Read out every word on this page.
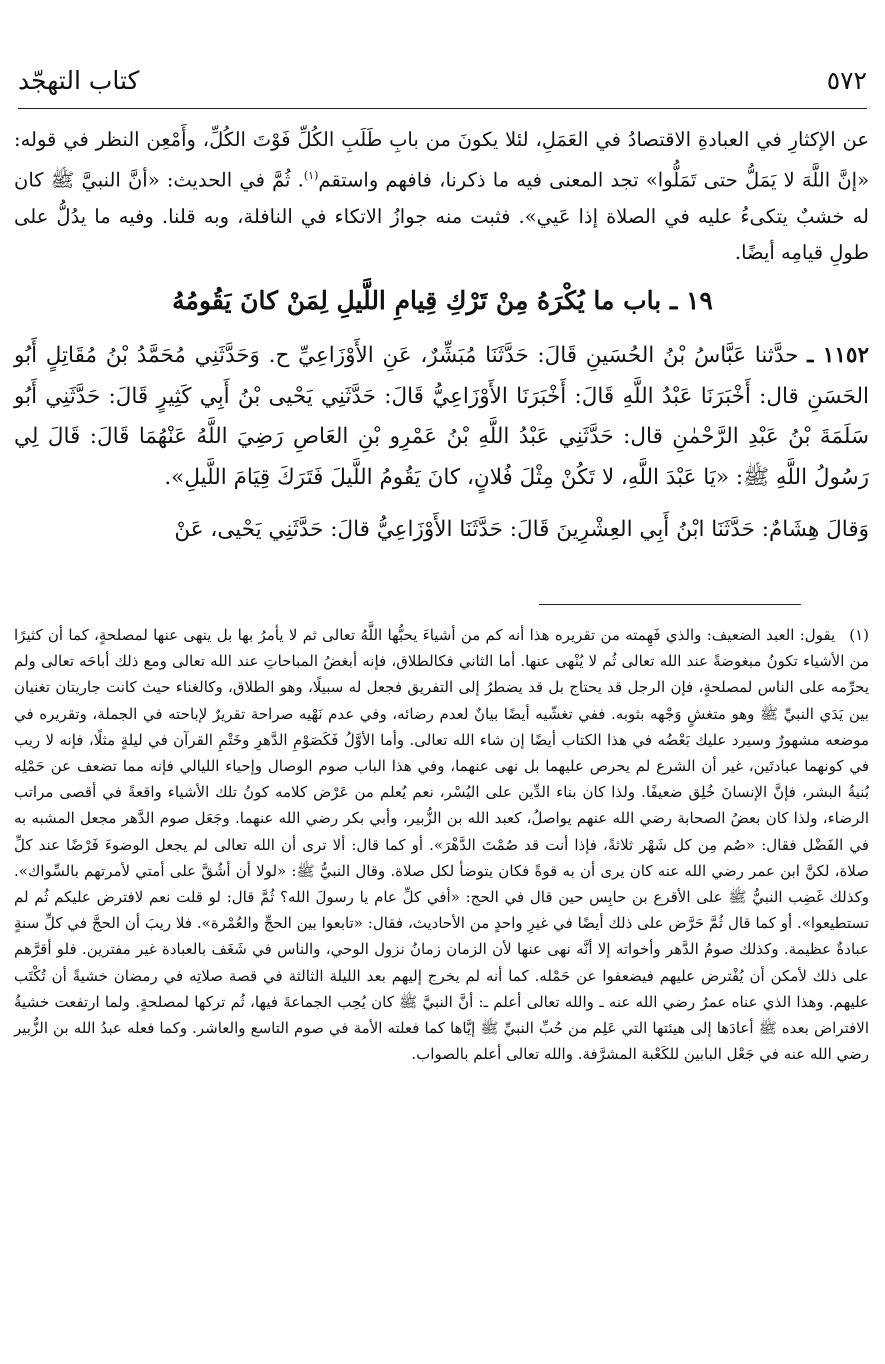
٥٧٢
كتاب التهجّد

عن الإكثارِ في العبادةِ الاقتصادُ في العَمَلِ، لئلا يكونَ من بابِ طَلَبِ الكُلِّ فَوْتَ الكُلِّ، وأَمْعِن النظر في قوله: «إنَّ اللَّهَ لا يَمَلُّ حتى تَمَلُّوا» تجد المعنى فيه ما ذكرنا، فافهم واستقم$^{(١)}$. ثُمَّ في الحديث: «أنَّ النبيَّ ﷺ كان له خشبٌ يتكىءُ عليه في الصلاة إذا عَيي». فثبت منه جوازُ الاتكاء في النافلة، وبه قلنا. وفيه ما يدُلُّ على طولِ قيامِه أيضًا.

١٩ ـ باب ما يُكْرَهُ مِنْ تَرْكِ قِيامِ اللَّيلِ لِمَنْ كانَ يَقُومُهُ

١١٥٢ ـ حدَّثنا عَبَّاسُ بْنُ الحُسَينِ قَالَ: حَدَّثَنَا مُبَشِّرٌ، عَنِ الأَوْزَاعِيِّ ح. وَحَدَّثَنِي مُحَمَّدُ بْنُ مُقَاتِلٍ أَبُو الحَسَنِ قال: أَخْبَرَنَا عَبْدُ اللَّهِ قَالَ: أَخْبَرَنَا الأَوْزَاعِيُّ قَالَ: حَدَّثَنِي يَحْيى بْنُ أَبِي كَثِيرٍ قَالَ: حَدَّثَنِي أَبُو سَلَمَةَ بْنُ عَبْدِ الرَّحْمٰنِ قال: حَدَّثَنِي عَبْدُ اللَّهِ بْنُ عَمْرِو بْنِ العَاصِ رَضِيَ اللَّهُ عَنْهُمَا قَالَ: قَالَ لِي رَسُولُ اللَّهِ ﷺ: «يَا عَبْدَ اللَّهِ، لا تَكُنْ مِثْلَ فُلانٍ، كانَ يَقُومُ اللَّيلَ فَتَرَكَ قِيَامَ اللَّيلِ».

وَقالَ هِشَامٌ: حَدَّثَنَا ابْنُ أَبِي العِشْرِينَ قَالَ: حَدَّثَنَا الأَوْزَاعِيُّ قالَ: حَدَّثَنِي يَحْيى، عَنْ

(١)يقول: العبد الضعيف: والذي فَهِمته من تقريره هذا أنه كم من أشياءَ يحبُّها اللَّهُ تعالى ثم لا يأمرُ بها بل ينهى عنها لمصلحةٍ، كما أن كثيرًا من الأشياء تكونُ مبغوضةً عند الله تعالى ثُم لا يُنْهى عنها. أما الثاني فكالطلاق، فإنه أبغضُ المباحاتِ عند الله تعالى ومع ذلك أباحَه تعالى ولم يحرِّمه على الناس لمصلحةٍ، فإن الرجل قد يحتاج بل قد يضطرُ إلى التفريق فجعل له سبيلًا، وهو الطلاق، وكالغناء حيث كانت جاريتان تغنيان بين يَدَي النبيِّ ﷺ وهو متغشٍ وَجْهه بثوبه. ففي تغشّيه أيضًا بيانٌ لعدم رضائه، وفي عدم نَهْيه صراحة تقريرٌ لإباحته في الجملة، وتقريره في موضعه مشهورٌ وسيرد عليك بَعْضُه في هذا الكتاب أيضًا إن شاء الله تعالى. وأما الأوَّلُ فَكَصَوْمِ الدَّهرِ وخَتْمِ القرآن في ليلةٍ مثلًا، فإنه لا ريب في كونهما عبادتَين، غير أن الشرع لم يحرص عليهما بل نهى عنهما، وفي هذا الباب صوم الوصال وإحياء الليالي فإنه مما تضعف عن حَمْلِه بُنيةُ البشر، فإنَّ الإنسانَ خُلِق ضعيفًا. ولذا كان بناء الدِّين على اليُسْر، نعم يُعلم من عَرْض كلامه كونُ تلك الأشياء واقعةً في أقصى مراتب الرضاء، ولذا كان بعضُ الصحابة رضي الله عنهم يواصلُ، كعبد الله بن الزُّبير، وأبي بكر رضي الله عنهما. وجَعَل صوم الدَّهر مجعل المشبه به في الفَضْل فقال: «صُم مِن كل شَهْر ثلاثةً، فإذا أنت قد صُمْتَ الدَّهْرَ». أو كما قال: ألا ترى أن الله تعالى لم يجعل الوضوءَ فَرْضًا عند كلِّ صلاة، لكنَّ ابن عمر رضي الله عنه كان يرى أن به قوةً فكان يتوضأ لكل صلاة. وقال النبيُّ ﷺ: «لولا أن أشُقَّ على أمتي لأمرتهم بالسِّواك». وكذلك غَضِب النبيُّ ﷺ على الأقرع بن حابِس حين قال في الحج: «أفي كلِّ عام يا رسولَ الله؟ ثُمَّ قال: لو قلت نعم لافترض عليكم ثُم لم تستطيعوا». أو كما قال ثُمَّ حَرَّض على ذلك أيضًا في غيرِ واحدٍ من الأحاديث، فقال: «تابعوا بين الحجِّ والعُمْرة». فلا ريبَ أن الحجَّ في كلِّ سنةٍ عبادةٌ عظيمة. وكذلك صومُ الدَّهر وأخواته إلا أنَّه نهى عنها لأن الزمان زمانُ نزول الوحي، والناس في شَغَف بالعبادة غير مفترين. فلو أقرَّهم على ذلك لأمكن أن يُفْترض عليهم فيضعفوا عن حَمْله. كما أنه لم يخرج إليهم بعد الليلة الثالثة في قصة صلاتِه في رمضان خشيةً أن تُكْتَب عليهم. وهذا الذي عناه عمرُ رضي الله عنه ـ والله تعالى أعلم ـ: أنَّ النبيَّ ﷺ كان يُحِب الجماعةَ فيها، ثُم تركها لمصلحةٍ. ولما ارتفعت خشيةُ الافتراض بعده ﷺ أعادَها إلى هيئتها التي عَلِم من حُبِّ النبيِّ ﷺ إيَّاها كما فعلته الأمة في صوم التاسع والعاشر. وكما فعله عبدُ الله بن الزُّبير رضي الله عنه في جَعْل البابين للكَعْبة المشرَّفة. والله تعالى أعلم بالصواب.
